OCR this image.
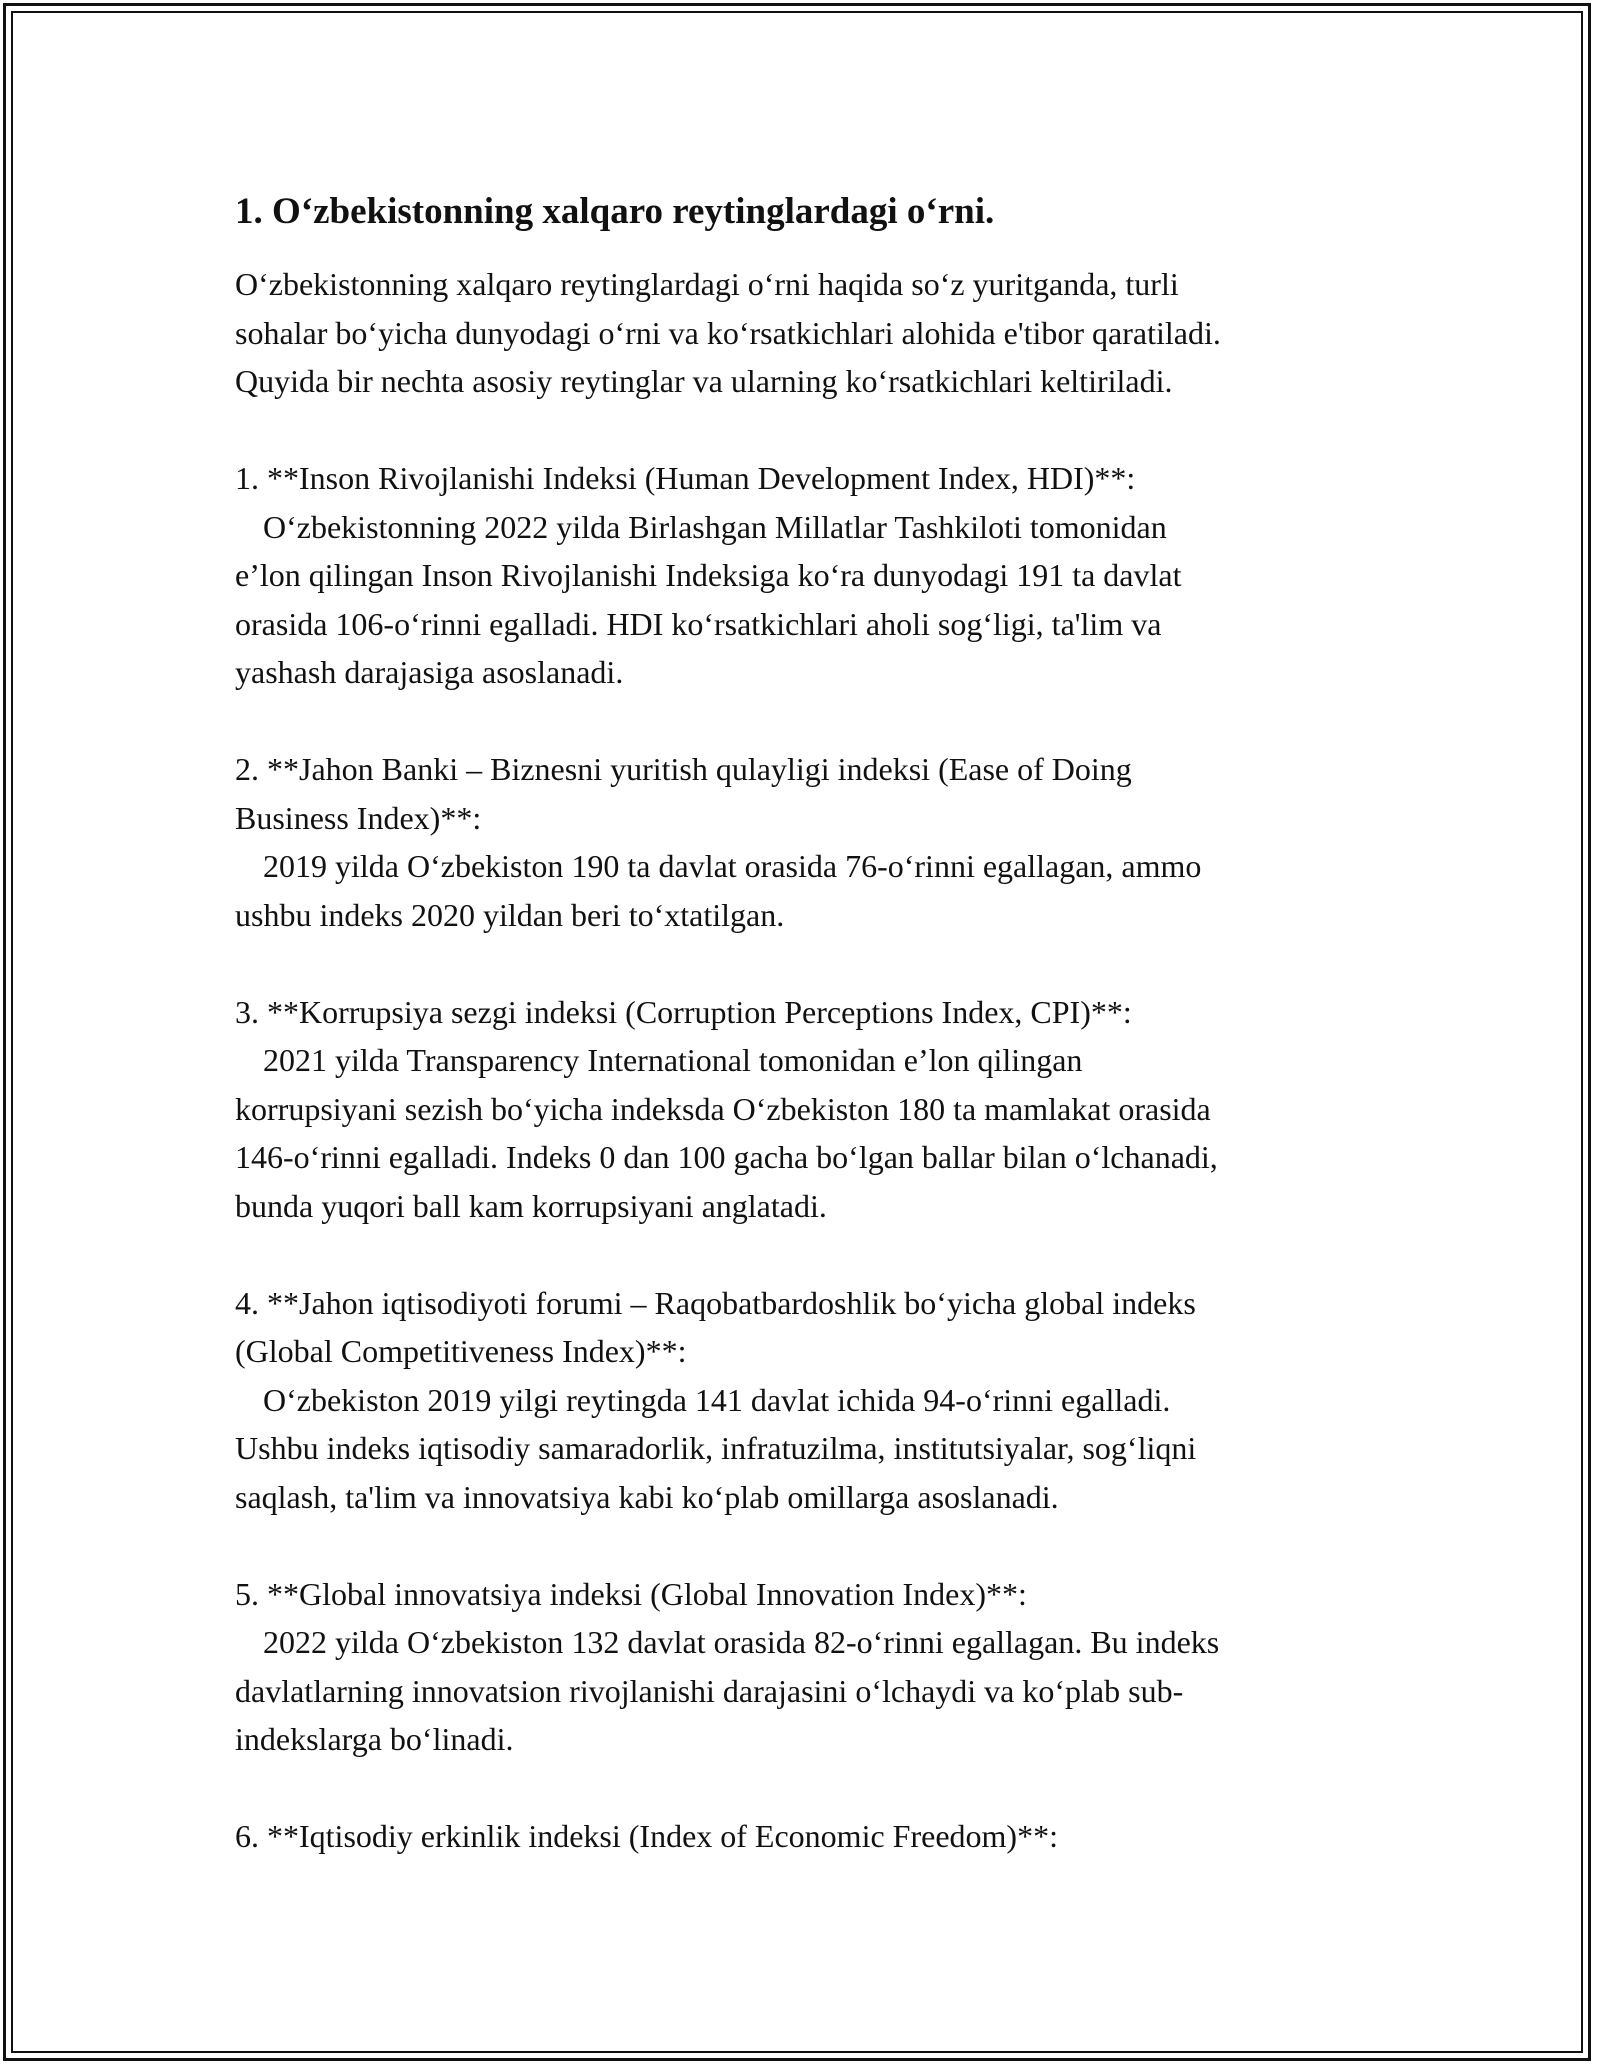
1. O‘zbekistonning xalqaro reytinglardagi o‘rni.
O‘zbekistonning xalqaro reytinglardagi o‘rni haqida so‘z yuritganda, turli
sohalar bo‘yicha dunyodagi o‘rni va ko‘rsatkichlari alohida e'tibor qaratiladi.
Quyida bir nechta asosiy reytinglar va ularning ko‘rsatkichlari keltiriladi.
1. **Inson Rivojlanishi Indeksi (Human Development Index, HDI)**:
O‘zbekistonning 2022 yilda Birlashgan Millatlar Tashkiloti tomonidan
e’lon qilingan Inson Rivojlanishi Indeksiga ko‘ra dunyodagi 191 ta davlat
orasida 106-o‘rinni egalladi. HDI ko‘rsatkichlari aholi sog‘ligi, ta'lim va
yashash darajasiga asoslanadi.
2. **Jahon Banki – Biznesni yuritish qulayligi indeksi (Ease of Doing
Business Index)**:
2019 yilda O‘zbekiston 190 ta davlat orasida 76-o‘rinni egallagan, ammo
ushbu indeks 2020 yildan beri to‘xtatilgan.
3. **Korrupsiya sezgi indeksi (Corruption Perceptions Index, CPI)**:
2021 yilda Transparency International tomonidan e’lon qilingan
korrupsiyani sezish bo‘yicha indeksda O‘zbekiston 180 ta mamlakat orasida
146-o‘rinni egalladi. Indeks 0 dan 100 gacha bo‘lgan ballar bilan o‘lchanadi,
bunda yuqori ball kam korrupsiyani anglatadi.
4. **Jahon iqtisodiyoti forumi – Raqobatbardoshlik bo‘yicha global indeks
(Global Competitiveness Index)**:
O‘zbekiston 2019 yilgi reytingda 141 davlat ichida 94-o‘rinni egalladi.
Ushbu indeks iqtisodiy samaradorlik, infratuzilma, institutsiyalar, sog‘liqni
saqlash, ta'lim va innovatsiya kabi ko‘plab omillarga asoslanadi.
5. **Global innovatsiya indeksi (Global Innovation Index)**:
2022 yilda O‘zbekiston 132 davlat orasida 82-o‘rinni egallagan. Bu indeks
davlatlarning innovatsion rivojlanishi darajasini o‘lchaydi va ko‘plab sub-
indekslarga bo‘linadi.
6. **Iqtisodiy erkinlik indeksi (Index of Economic Freedom)**:
